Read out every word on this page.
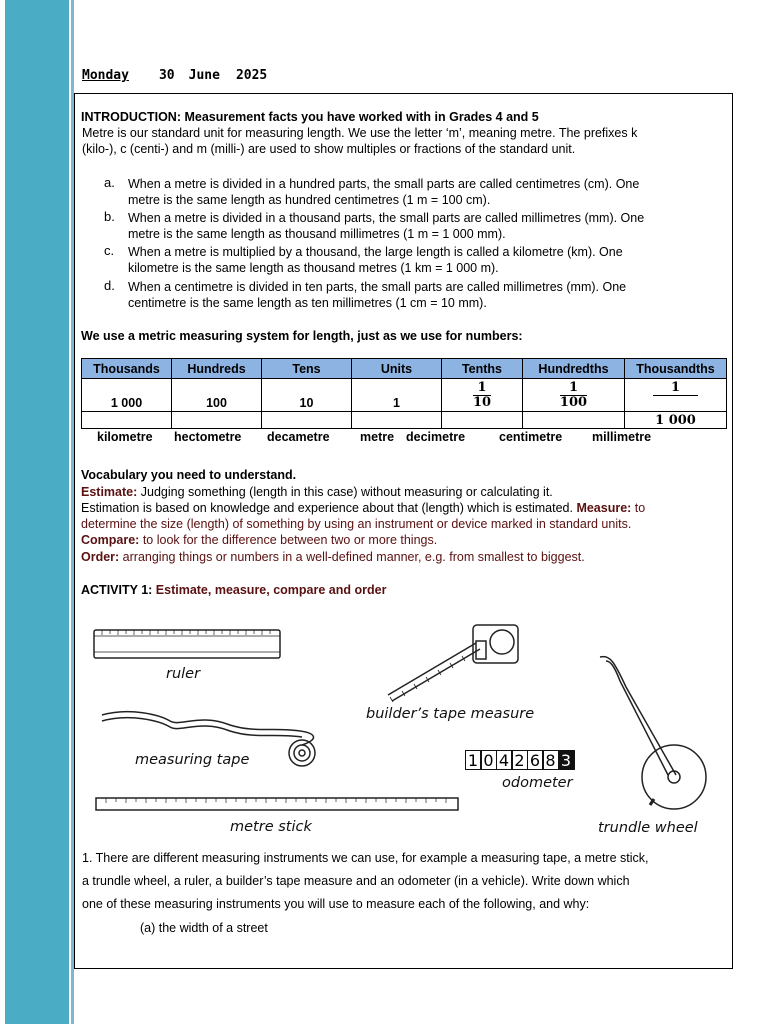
Monday 30 June 2025
INTRODUCTION: Measurement facts you have worked with in Grades 4 and 5
Metre is our standard unit for measuring length. We use the letter ‘m’, meaning metre. The prefixes k
(kilo-), c (centi-) and m (milli-) are used to show multiples or fractions of the standard unit.
a. When a metre is divided in a hundred parts, the small parts are called centimetres (cm). One
metre is the same length as hundred centimetres (1 m = 100 cm).
b. When a metre is divided in a thousand parts, the small parts are called millimetres (mm). One
metre is the same length as thousand millimetres (1 m = 1 000 mm).
c. When a metre is multiplied by a thousand, the large length is called a kilometre (km). One
kilometre is the same length as thousand metres (1 km = 1 000 m).
d. When a centimetre is divided in ten parts, the small parts are called millimetres (mm). One
centimetre is the same length as ten millimetres (1 cm = 10 mm).
We use a metric measuring system for length, just as we use for numbers:
Thousands	Hundreds	Tens	Units	Tenths	Hundredths	Thousandths
1 000	100	10	1	$\frac{1}{10}$	$\frac{1}{100}$	1

						1 000
kilometre hectometre decametre metre decimetre	centimetre millimetre
Vocabulary you need to understand.
Estimate: Judging something (length in this case) without measuring or calculating it.
Estimation is based on knowledge and experience about that (length) which is estimated. Measure: to
determine the size (length) of something by using an instrument or device marked in standard units.
Compare: to look for the difference between two or more things.
Order: arranging things or numbers in a well-defined manner, e.g. from smallest to biggest.
ACTIVITY 1: Estimate, measure, compare and order
1 0 4 2 6 8 3
ruler
builder’s tape measure
measuring tape
odometer
metre stick	trundle wheel
1. There are different measuring instruments we can use, for example a measuring tape, a metre stick,
a trundle wheel, a ruler, a builder’s tape measure and an odometer (in a vehicle). Write down which
one of these measuring instruments you will use to measure each of the following, and why:
(a) the width of a street
